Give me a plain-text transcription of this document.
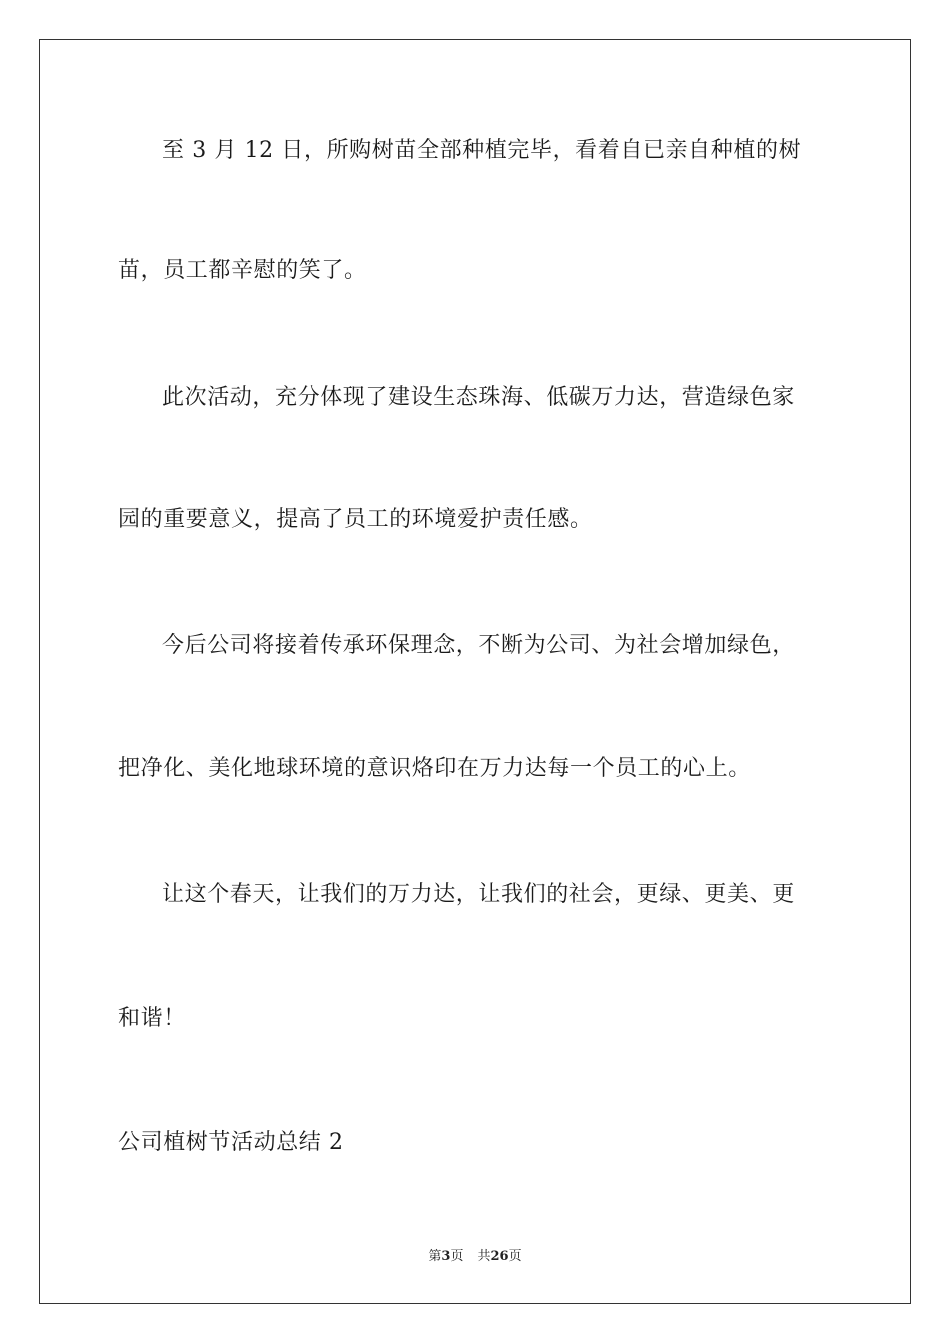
至 3 月 12 日，所购树苗全部种植完毕，看着自已亲自种植的树
苗，员工都辛慰的笑了。
此次活动，充分体现了建设生态珠海、低碳万力达，营造绿色家
园的重要意义，提高了员工的环境爱护责任感。
今后公司将接着传承环保理念，不断为公司、为社会增加绿色，
把净化、美化地球环境的意识烙印在万力达每一个员工的心上。
让这个春天，让我们的万力达，让我们的社会，更绿、更美、更
和谐！
公司植树节活动总结 2
第3页 共26页
